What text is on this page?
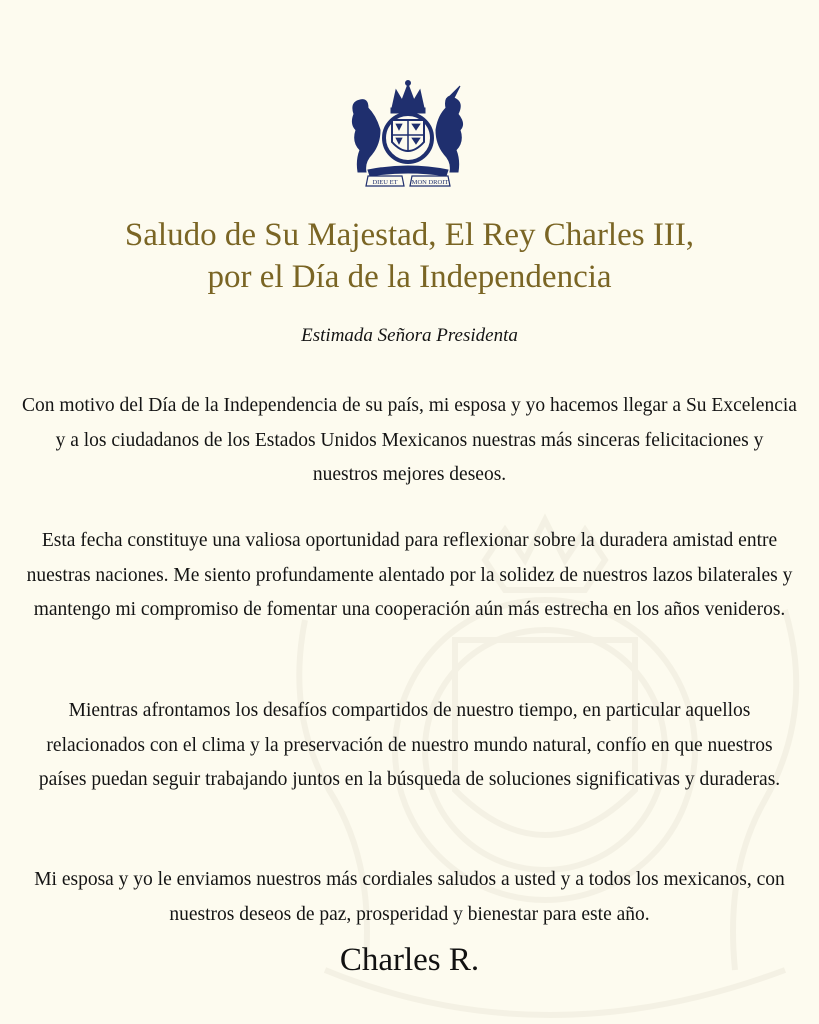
DIEU ET MON DROIT
Saludo de Su Majestad, El Rey Charles III,
por el Día de la Independencia
Estimada Señora Presidenta

Con motivo del Día de la Independencia de su país, mi esposa y yo hacemos llegar a Su Excelencia y a los ciudadanos de los Estados Unidos Mexicanos nuestras más sinceras felicitaciones y nuestros mejores deseos.

Esta fecha constituye una valiosa oportunidad para reflexionar sobre la duradera amistad entre nuestras naciones. Me siento profundamente alentado por la solidez de nuestros lazos bilaterales y mantengo mi compromiso de fomentar una cooperación aún más estrecha en los años venideros.

Mientras afrontamos los desafíos compartidos de nuestro tiempo, en particular aquellos relacionados con el clima y la preservación de nuestro mundo natural, confío en que nuestros países puedan seguir trabajando juntos en la búsqueda de soluciones significativas y duraderas.

Mi esposa y yo le enviamos nuestros más cordiales saludos a usted y a todos los mexicanos, con nuestros deseos de paz, prosperidad y bienestar para este año.

Charles R.
